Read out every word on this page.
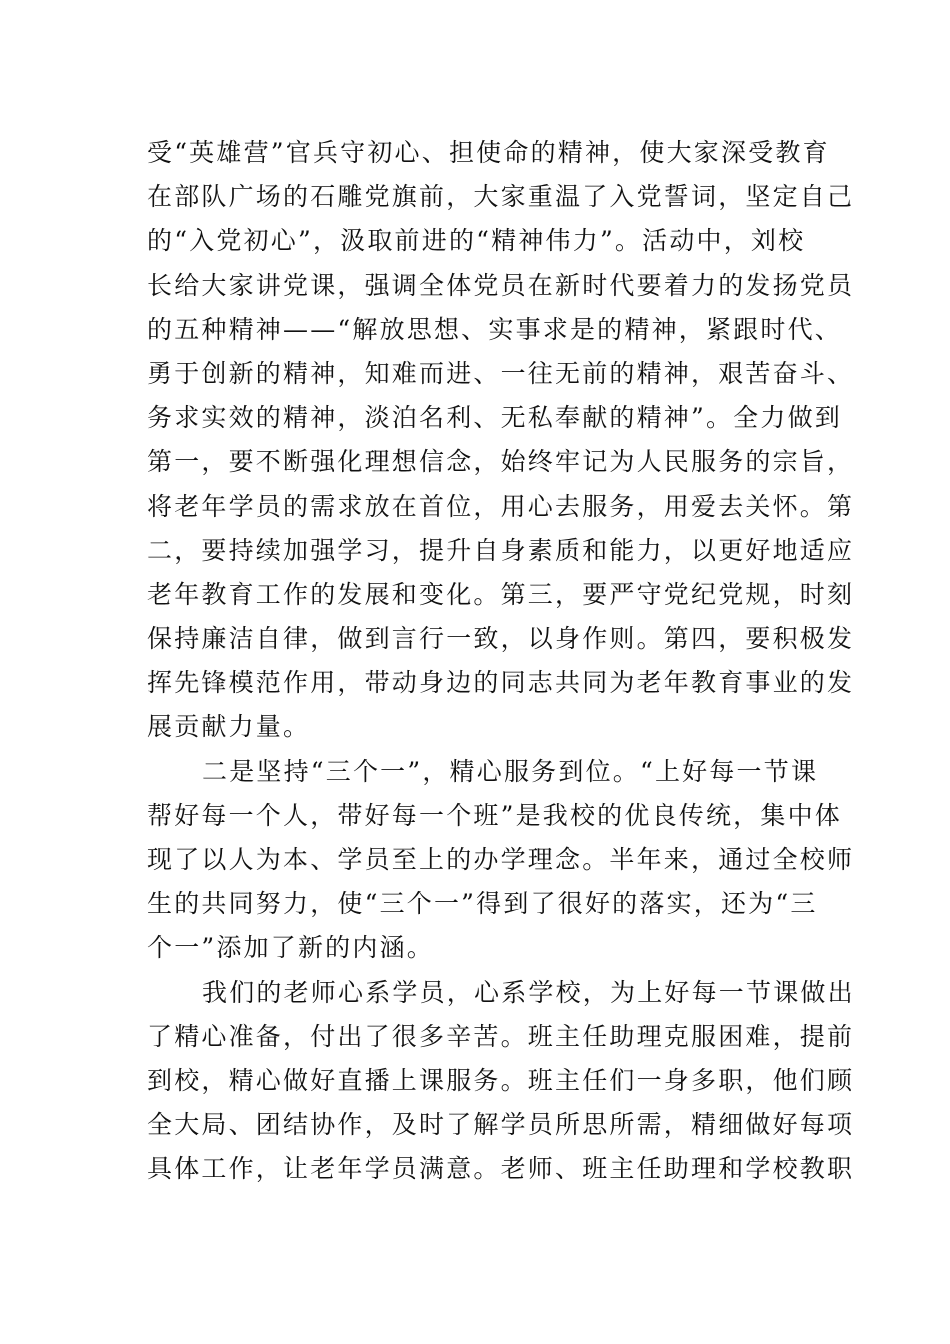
受“英雄营”官兵守初心、担使命的精神，使大家深受教育
在部队广场的石雕党旗前，大家重温了入党誓词，坚定自己
的“入党初心”，汲取前进的“精神伟力”。活动中，刘校
长给大家讲党课，强调全体党员在新时代要着力的发扬党员
的五种精神——“解放思想、实事求是的精神，紧跟时代、
勇于创新的精神，知难而进、一往无前的精神，艰苦奋斗、
务求实效的精神，淡泊名利、无私奉献的精神”。全力做到
第一，要不断强化理想信念，始终牢记为人民服务的宗旨，
将老年学员的需求放在首位，用心去服务，用爱去关怀。第
二，要持续加强学习，提升自身素质和能力，以更好地适应
老年教育工作的发展和变化。第三，要严守党纪党规，时刻
保持廉洁自律，做到言行一致，以身作则。第四，要积极发
挥先锋模范作用，带动身边的同志共同为老年教育事业的发
展贡献力量。
二是坚持“三个一”，精心服务到位。“上好每一节课
帮好每一个人，带好每一个班”是我校的优良传统，集中体
现了以人为本、学员至上的办学理念。半年来，通过全校师
生的共同努力，使“三个一”得到了很好的落实，还为“三
个一”添加了新的内涵。
我们的老师心系学员，心系学校，为上好每一节课做出
了精心准备，付出了很多辛苦。班主任助理克服困难，提前
到校，精心做好直播上课服务。班主任们一身多职，他们顾
全大局、团结协作，及时了解学员所思所需，精细做好每项
具体工作，让老年学员满意。老师、班主任助理和学校教职
